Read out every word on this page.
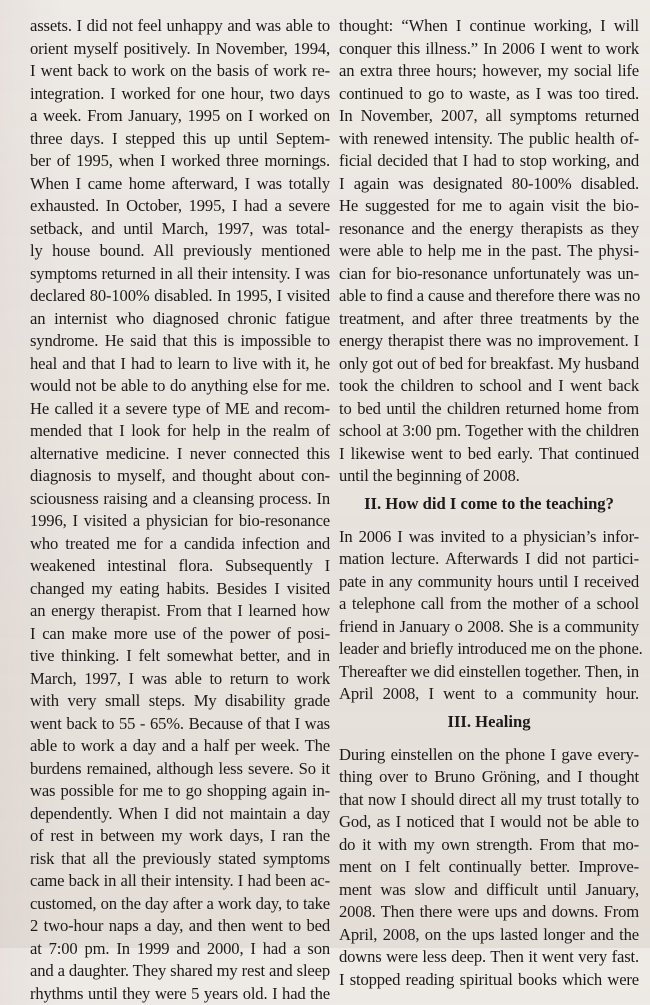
assets. I did not feel unhappy and was able to
orient myself positively. In November, 1994,
I went back to work on the basis of work re-
integration. I worked for one hour, two days
a week. From January, 1995 on I worked on
three days. I stepped this up until Septem-
ber of 1995, when I worked three mornings.
When I came home afterward, I was totally
exhausted. In October, 1995, I had a severe
setback, and until March, 1997, was total-
ly house bound. All previously mentioned
symptoms returned in all their intensity. I was
declared 80-100% disabled. In 1995, I visited
an internist who diagnosed chronic fatigue
syndrome. He said that this is impossible to
heal and that I had to learn to live with it, he
would not be able to do anything else for me.
He called it a severe type of ME and recom-
mended that I look for help in the realm of
alternative medicine. I never connected this
diagnosis to myself, and thought about con-
sciousness raising and a cleansing process. In
1996, I visited a physician for bio-resonance
who treated me for a candida infection and
weakened intestinal flora. Subsequently I
changed my eating habits. Besides I visited
an energy therapist. From that I learned how
I can make more use of the power of posi-
tive thinking. I felt somewhat better, and in
March, 1997, I was able to return to work
with very small steps. My disability grade
went back to 55 - 65%. Because of that I was
able to work a day and a half per week. The
burdens remained, although less severe. So it
was possible for me to go shopping again in-
dependently. When I did not maintain a day
of rest in between my work days, I ran the
risk that all the previously stated symptoms
came back in all their intensity. I had been ac-
customed, on the day after a work day, to take
2 two-hour naps a day, and then went to bed
at 7:00 pm. In 1999 and 2000, I had a son
and a daughter. They shared my rest and sleep
rhythms until they were 5 years old. I had the
thought: “When I continue working, I will
conquer this illness.” In 2006 I went to work
an extra three hours; however, my social life
continued to go to waste, as I was too tired.
In November, 2007, all symptoms returned
with renewed intensity. The public health of-
ficial decided that I had to stop working, and
I again was designated 80-100% disabled.
He suggested for me to again visit the bio-
resonance and the energy therapists as they
were able to help me in the past. The physi-
cian for bio-resonance unfortunately was un-
able to find a cause and therefore there was no
treatment, and after three treatments by the
energy therapist there was no improvement. I
only got out of bed for breakfast. My husband
took the children to school and I went back
to bed until the children returned home from
school at 3:00 pm. Together with the children
I likewise went to bed early. That continued
until the beginning of 2008.
II. How did I come to the teaching?
In 2006 I was invited to a physician’s infor-
mation lecture. Afterwards I did not partici-
pate in any community hours until I received
a telephone call from the mother of a school
friend in January o 2008. She is a community
leader and briefly introduced me on the phone.
Thereafter we did einstellen together. Then, in
April 2008, I went to a community hour.
III. Healing
During einstellen on the phone I gave every-
thing over to Bruno Gröning, and I thought
that now I should direct all my trust totally to
God, as I noticed that I would not be able to
do it with my own strength. From that mo-
ment on I felt continually better. Improve-
ment was slow and difficult until January,
2008. Then there were ups and downs. From
April, 2008, on the ups lasted longer and the
downs were less deep. Then it went very fast.
I stopped reading spiritual books which were
